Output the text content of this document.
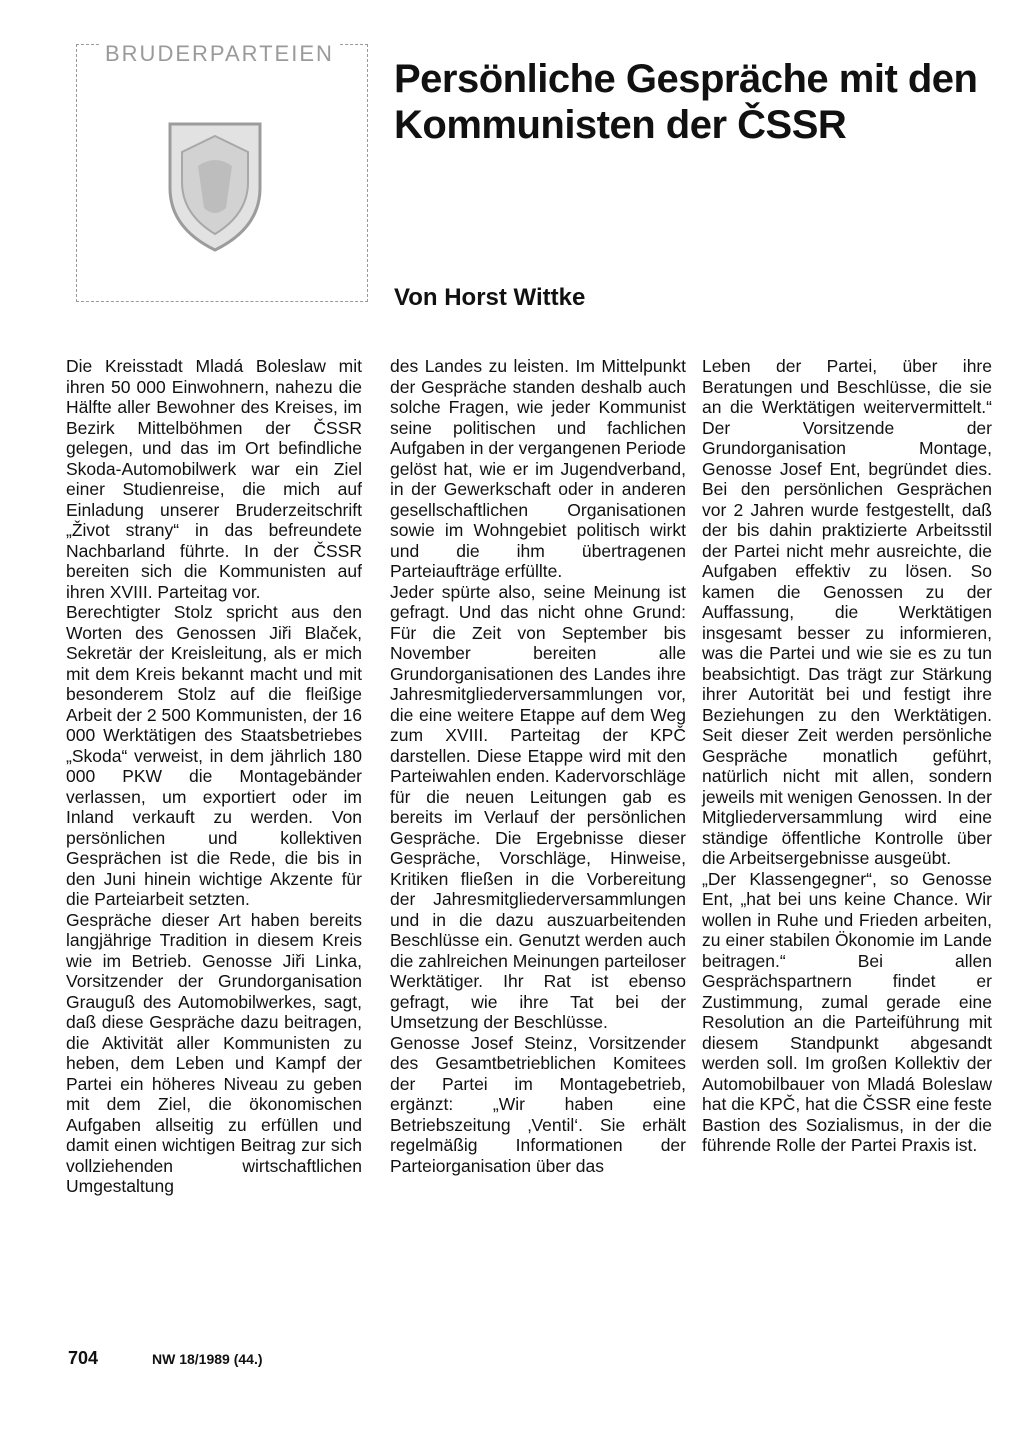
BRUDERPARTEIEN
Persönliche Gespräche mit den Kommunisten der ČSSR
Von Horst Wittke

Die Kreisstadt Mladá Boleslaw mit ihren 50 000 Einwohnern, nahezu die Hälfte aller Bewohner des Kreises, im Bezirk Mittelböhmen der ČSSR gelegen, und das im Ort befindliche Skoda-Automobilwerk war ein Ziel einer Studienreise, die mich auf Einladung unserer Bruderzeitschrift „Život strany“ in das befreundete Nachbarland führte. In der ČSSR bereiten sich die Kommunisten auf ihren XVIII. Parteitag vor.

Berechtigter Stolz spricht aus den Worten des Genossen Jiři Blaček, Sekretär der Kreisleitung, als er mich mit dem Kreis bekannt macht und mit besonderem Stolz auf die fleißige Arbeit der 2 500 Kommunisten, der 16 000 Werktätigen des Staatsbetriebes „Skoda“ verweist, in dem jährlich 180 000 PKW die Montagebänder verlassen, um exportiert oder im Inland verkauft zu werden. Von persönlichen und kollektiven Gesprächen ist die Rede, die bis in den Juni hinein wichtige Akzente für die Parteiarbeit setzten.

Gespräche dieser Art haben bereits langjährige Tradition in diesem Kreis wie im Betrieb. Genosse Jiři Linka, Vorsitzender der Grundorganisation Grauguß des Automobilwerkes, sagt, daß diese Gespräche dazu beitragen, die Aktivität aller Kommunisten zu heben, dem Leben und Kampf der Partei ein höheres Niveau zu geben mit dem Ziel, die ökonomischen Aufgaben allseitig zu erfüllen und damit einen wichtigen Beitrag zur sich vollziehenden wirtschaftlichen Umgestaltung

des Landes zu leisten. Im Mittelpunkt der Gespräche standen deshalb auch solche Fragen, wie jeder Kommunist seine politischen und fachlichen Aufgaben in der vergangenen Periode gelöst hat, wie er im Jugendverband, in der Gewerkschaft oder in anderen gesellschaftlichen Organisationen sowie im Wohngebiet politisch wirkt und die ihm übertragenen Parteiaufträge erfüllte.

Jeder spürte also, seine Meinung ist gefragt. Und das nicht ohne Grund: Für die Zeit von September bis November bereiten alle Grundorganisationen des Landes ihre Jahresmitgliederversammlungen vor, die eine weitere Etappe auf dem Weg zum XVIII. Parteitag der KPČ darstellen. Diese Etappe wird mit den Parteiwahlen enden. Kadervorschläge für die neuen Leitungen gab es bereits im Verlauf der persönlichen Gespräche. Die Ergebnisse dieser Gespräche, Vorschläge, Hinweise, Kritiken fließen in die Vorbereitung der Jahresmitgliederversammlungen und in die dazu auszuarbeitenden Beschlüsse ein. Genutzt werden auch die zahlreichen Meinungen parteiloser Werktätiger. Ihr Rat ist ebenso gefragt, wie ihre Tat bei der Umsetzung der Beschlüsse.

Genosse Josef Steinz, Vorsitzender des Gesamtbetrieblichen Komitees der Partei im Montagebetrieb, ergänzt: „Wir haben eine Betriebszeitung ‚Ventil‘. Sie erhält regelmäßig Informationen der Parteiorganisation über das

Leben der Partei, über ihre Beratungen und Beschlüsse, die sie an die Werktätigen weitervermittelt.“ Der Vorsitzende der Grundorganisation Montage, Genosse Josef Ent, begründet dies. Bei den persönlichen Gesprächen vor 2 Jahren wurde festgestellt, daß der bis dahin praktizierte Arbeitsstil der Partei nicht mehr ausreichte, die Aufgaben effektiv zu lösen. So kamen die Genossen zu der Auffassung, die Werktätigen insgesamt besser zu informieren, was die Partei und wie sie es zu tun beabsichtigt. Das trägt zur Stärkung ihrer Autorität bei und festigt ihre Beziehungen zu den Werktätigen. Seit dieser Zeit werden persönliche Gespräche monatlich geführt, natürlich nicht mit allen, sondern jeweils mit wenigen Genossen. In der Mitgliederversammlung wird eine ständige öffentliche Kontrolle über die Arbeitsergebnisse ausgeübt.

„Der Klassengegner“, so Genosse Ent, „hat bei uns keine Chance. Wir wollen in Ruhe und Frieden arbeiten, zu einer stabilen Ökonomie im Lande beitragen.“ Bei allen Gesprächspartnern findet er Zustimmung, zumal gerade eine Resolution an die Parteiführung mit diesem Standpunkt abgesandt werden soll. Im großen Kollektiv der Automobilbauer von Mladá Boleslaw hat die KPČ, hat die ČSSR eine feste Bastion des Sozialismus, in der die führende Rolle der Partei Praxis ist.

704	NW 18/1989 (44.)
